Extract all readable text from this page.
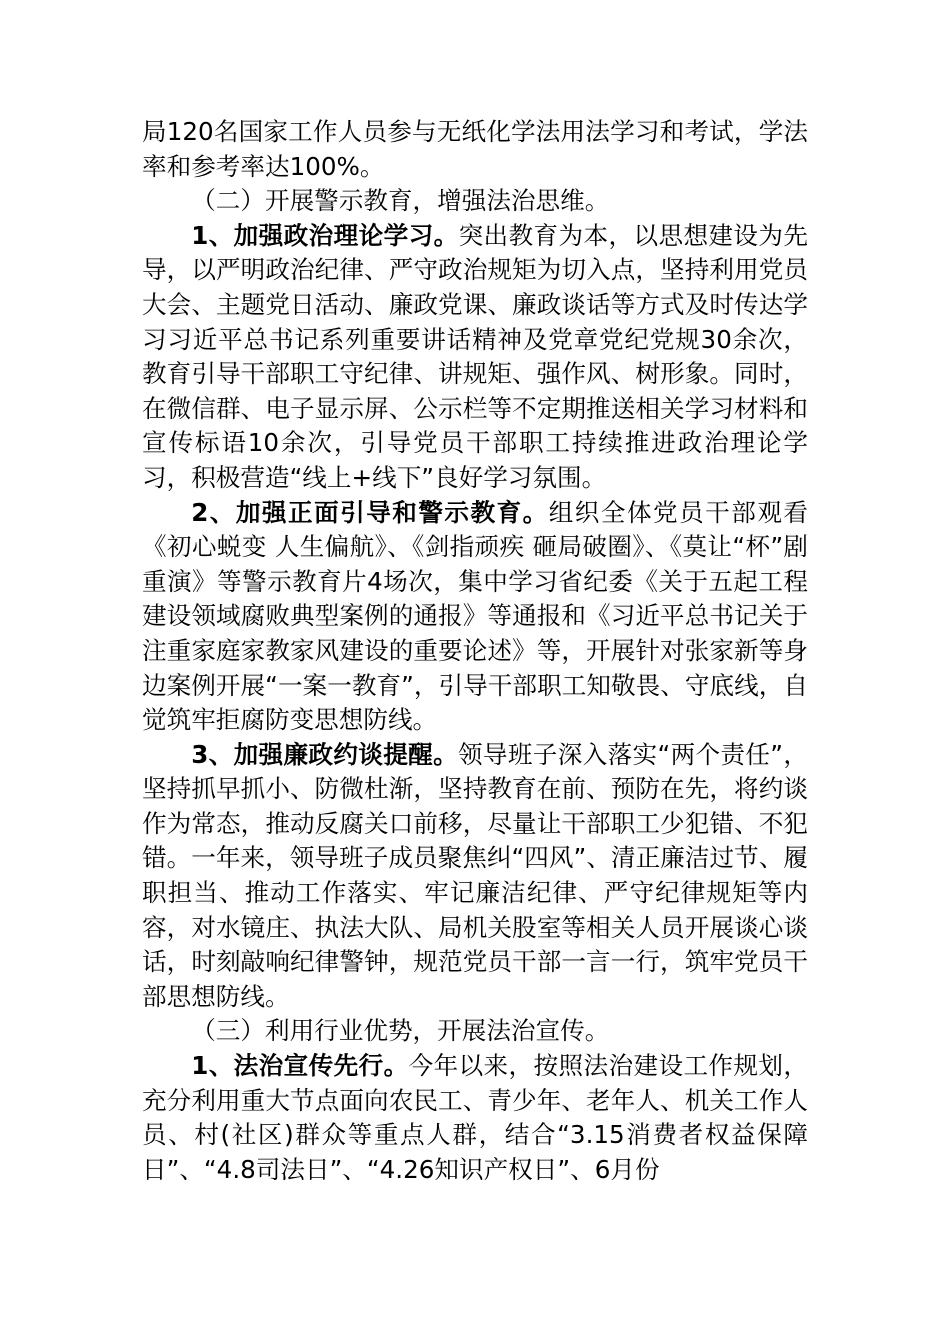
局120名国家工作人员参与无纸化学法用法学习和考试，学法率和参考率达100%。

（二）开展警示教育，增强法治思维。

1、加强政治理论学习。突出教育为本，以思想建设为先导，以严明政治纪律、严守政治规矩为切入点，坚持利用党员大会、主题党日活动、廉政党课、廉政谈话等方式及时传达学习习近平总书记系列重要讲话精神及党章党纪党规30余次，教育引导干部职工守纪律、讲规矩、强作风、树形象。同时，在微信群、电子显示屏、公示栏等不定期推送相关学习材料和宣传标语10余次，引导党员干部职工持续推进政治理论学习，积极营造“线上+线下”良好学习氛围。

2、加强正面引导和警示教育。组织全体党员干部观看《初心蜕变 人生偏航》、《剑指顽疾 砸局破圈》、《莫让“杯”剧重演》等警示教育片4场次，集中学习省纪委《关于五起工程建设领域腐败典型案例的通报》等通报和《习近平总书记关于注重家庭家教家风建设的重要论述》等，开展针对张家新等身边案例开展“一案一教育”，引导干部职工知敬畏、守底线，自觉筑牢拒腐防变思想防线。

3、加强廉政约谈提醒。领导班子深入落实“两个责任”，坚持抓早抓小、防微杜渐，坚持教育在前、预防在先，将约谈作为常态，推动反腐关口前移，尽量让干部职工少犯错、不犯错。一年来，领导班子成员聚焦纠“四风”、清正廉洁过节、履职担当、推动工作落实、牢记廉洁纪律、严守纪律规矩等内容，对水镜庄、执法大队、局机关股室等相关人员开展谈心谈话，时刻敲响纪律警钟，规范党员干部一言一行，筑牢党员干部思想防线。

（三）利用行业优势，开展法治宣传。

1、法治宣传先行。今年以来，按照法治建设工作规划，充分利用重大节点面向农民工、青少年、老年人、机关工作人员、村(社区)群众等重点人群，结合“3.15消费者权益保障日”、“4.8司法日”、“4.26知识产权日”、6月份
